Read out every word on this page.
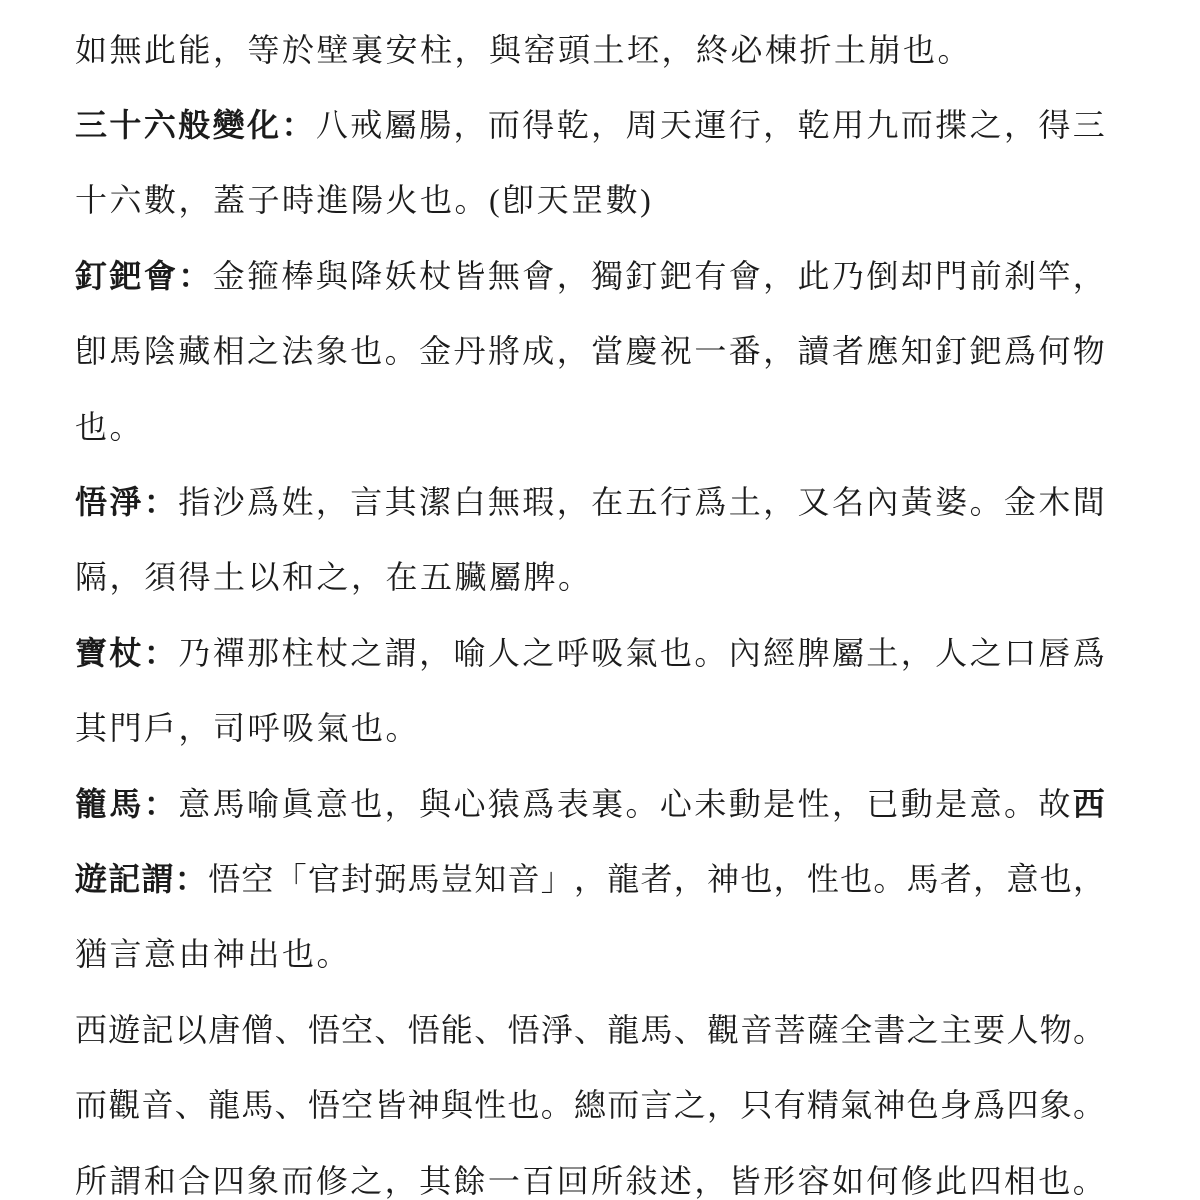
如無此能，等於壁裏安柱，與窑頭土坯，終必棟折土崩也。
三 十 六 般 變 化 ： 八 戒 屬 腸 ， 而 得 乾 ， 周 天 運 行 ， 乾 用 九 而 揲 之 ， 得 三
十六數，蓋子時進陽火也。(卽天罡數)
釘 鈀 會 ： 金 箍 棒 與 降 妖 杖 皆 無 會 ， 獨 釘 鈀 有 會 ， 此 乃 倒 却 門 前 刹 竿 ，
卽 馬 陰 藏 相 之 法 象 也 。 金 丹 將 成 ， 當 慶 祝 一 番 ， 讀 者 應 知 釘 鈀 爲 何 物
也。
悟 淨 ： 指 沙 爲 姓 ， 言 其 潔 白 無 瑕 ， 在 五 行 爲 土 ， 又 名 內 黃 婆 。 金 木 間
隔，須得土以和之，在五臟屬脾。
寶 杖 ： 乃 禪 那 柱 杖 之 謂 ， 喻 人 之 呼 吸 氣 也 。 內 經 脾 屬 土 ， 人 之 口 唇 爲
其門戶，司呼吸氣也。
籠 馬 ： 意 馬 喻 眞 意 也 ， 與 心 猿 爲 表 裏 。 心 未 動 是 性 ， 已 動 是 意 。 故 西
遊 記 謂 ： 悟 空 「 官 封 弼 馬 豈 知 音 」 ， 龍 者 ， 神 也 ， 性 也 。 馬 者 ， 意 也 ，
猶言意由神出也。
西 遊 記 以 唐 僧 、 悟 空 、 悟 能 、 悟 淨 、 龍 馬 、 觀 音 菩 薩 全 書 之 主 要 人 物 。
而 觀 音 、 龍 馬 、 悟 空 皆 神 與 性 也 。 總 而 言 之 ， 只 有 精 氣 神 色 身 爲 四 象 。
所 謂 和 合 四 象 而 修 之 ， 其 餘 一 百 回 所 敍 述 ， 皆 形 容 如 何 修 此 四 相 也 。
